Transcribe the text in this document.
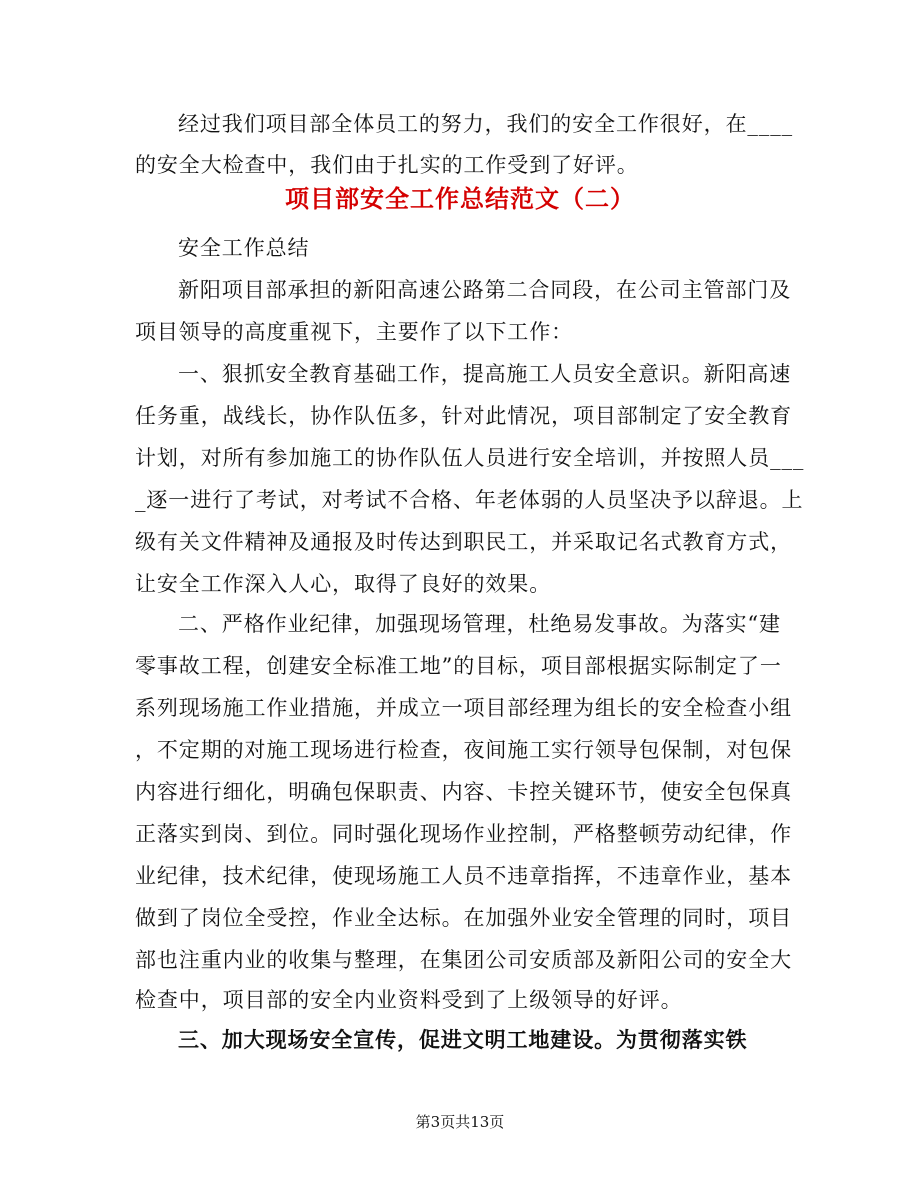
经过我们项目部全体员工的努力，我们的安全工作很好，在____
的安全大检查中，我们由于扎实的工作受到了好评。
项目部安全工作总结范文（二）
安全工作总结
新阳项目部承担的新阳高速公路第二合同段，在公司主管部门及
项目领导的高度重视下，主要作了以下工作：
一、狠抓安全教育基础工作，提高施工人员安全意识。新阳高速
任务重，战线长，协作队伍多，针对此情况，项目部制定了安全教育
计划，对所有参加施工的协作队伍人员进行安全培训，并按照人员___
_逐一进行了考试，对考试不合格、年老体弱的人员坚决予以辞退。上
级有关文件精神及通报及时传达到职民工，并采取记名式教育方式，
让安全工作深入人心，取得了良好的效果。
二、严格作业纪律，加强现场管理，杜绝易发事故。为落实“建
零事故工程，创建安全标准工地”的目标，项目部根据实际制定了一
系列现场施工作业措施，并成立一项目部经理为组长的安全检查小组
，不定期的对施工现场进行检查，夜间施工实行领导包保制，对包保
内容进行细化，明确包保职责、内容、卡控关键环节，使安全包保真
正落实到岗、到位。同时强化现场作业控制，严格整顿劳动纪律，作
业纪律，技术纪律，使现场施工人员不违章指挥，不违章作业，基本
做到了岗位全受控，作业全达标。在加强外业安全管理的同时，项目
部也注重内业的收集与整理，在集团公司安质部及新阳公司的安全大
检查中，项目部的安全内业资料受到了上级领导的好评。
三、加大现场安全宣传，促进文明工地建设。为贯彻落实铁
第3页共13页
